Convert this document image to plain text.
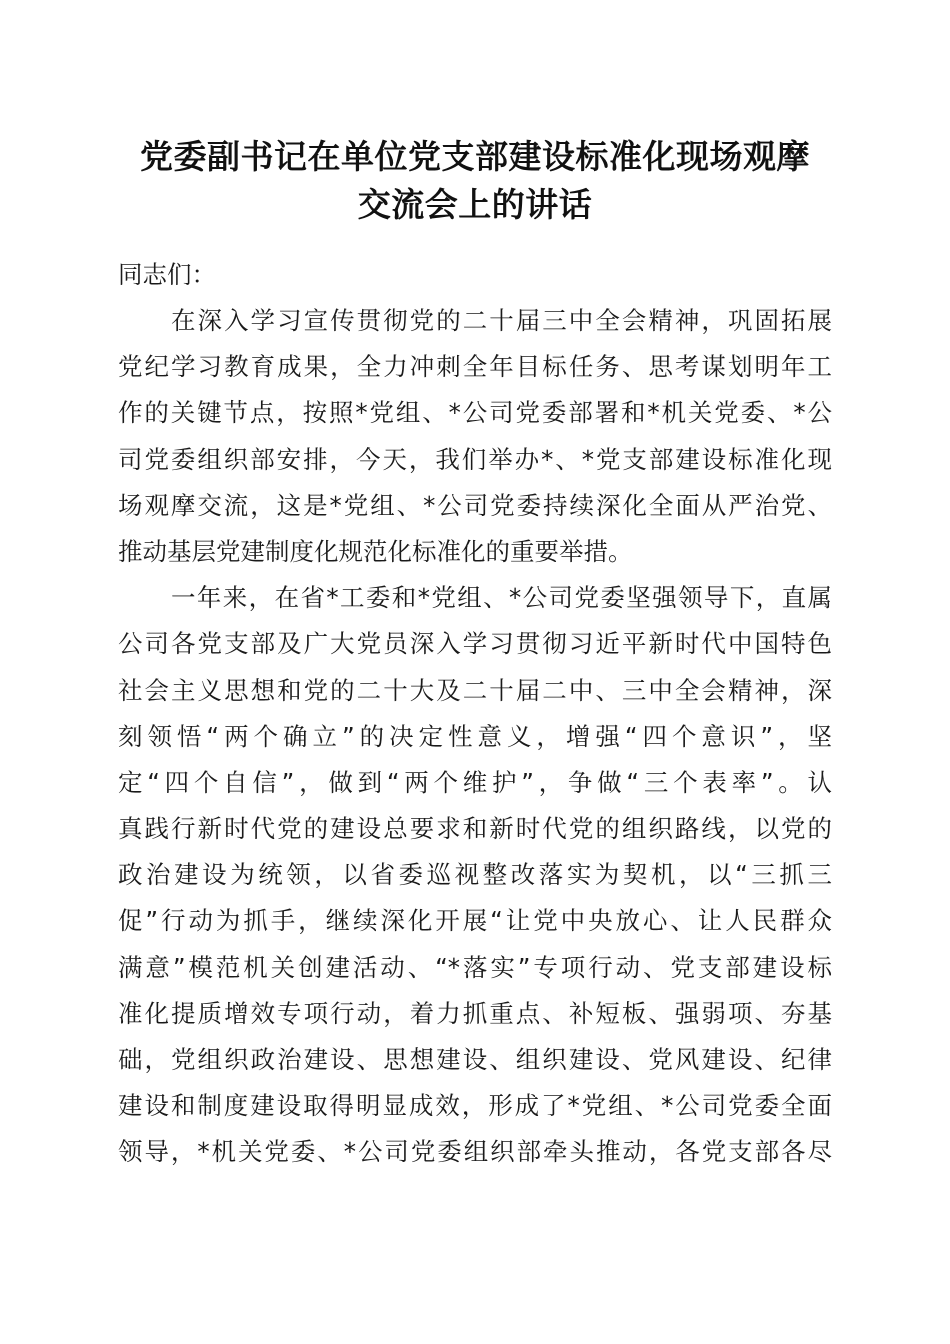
党委副书记在单位党支部建设标准化现场观摩
交流会上的讲话

同志们：

在深入学习宣传贯彻党的二十届三中全会精神，巩固拓展
党纪学习教育成果，全力冲刺全年目标任务、思考谋划明年工
作的关键节点，按照*党组、*公司党委部署和*机关党委、*公
司党委组织部安排，今天，我们举办*、*党支部建设标准化现
场观摩交流，这是*党组、*公司党委持续深化全面从严治党、
推动基层党建制度化规范化标准化的重要举措。
一年来，在省*工委和*党组、*公司党委坚强领导下，直属
公司各党支部及广大党员深入学习贯彻习近平新时代中国特色
社会主义思想和党的二十大及二十届二中、三中全会精神，深
刻领悟“两个确立”的决定性意义，增强“四个意识”，坚
定“四个自信”，做到“两个维护”，争做“三个表率”。认
真践行新时代党的建设总要求和新时代党的组织路线，以党的
政治建设为统领，以省委巡视整改落实为契机，以“三抓三
促”行动为抓手，继续深化开展“让党中央放心、让人民群众
满意”模范机关创建活动、“*落实”专项行动、党支部建设标
准化提质增效专项行动，着力抓重点、补短板、强弱项、夯基
础，党组织政治建设、思想建设、组织建设、党风建设、纪律
建设和制度建设取得明显成效，形成了*党组、*公司党委全面
领导，*机关党委、*公司党委组织部牵头推动，各党支部各尽
